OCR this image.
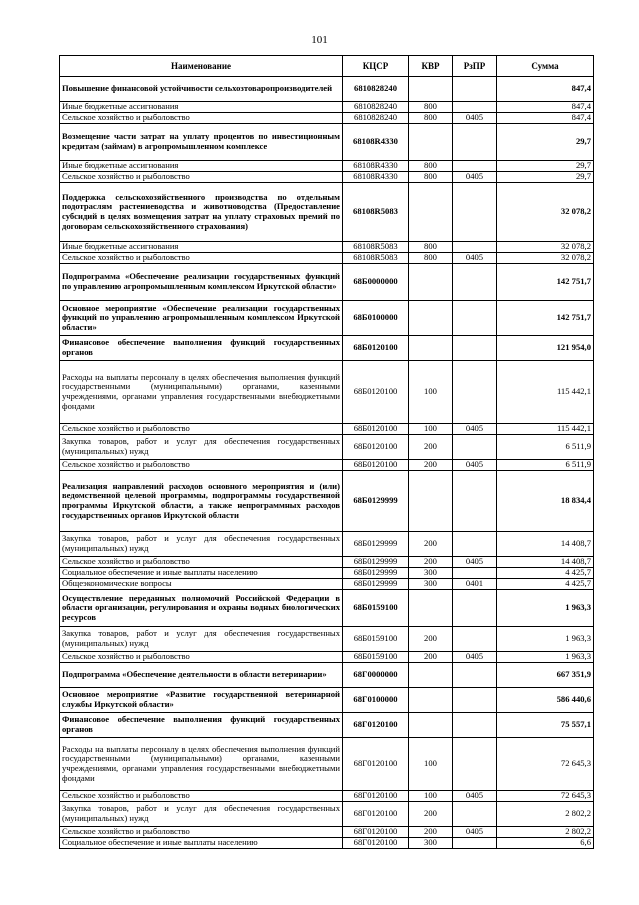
101
Наименование	КЦСР	КВР	РзПР	Сумма
Повышение финансовой устойчивости сельхозтоваропроизводителей	6810828240			847,4
Иные бюджетные ассигнования	6810828240	800		847,4
Сельское хозяйство и рыболовство	6810828240	800	0405	847,4
Возмещение части затрат на уплату процентов по инвестиционным кредитам (займам) в агропромышленном комплексе	68108R4330			29,7
Иные бюджетные ассигнования	68108R4330	800		29,7
Сельское хозяйство и рыболовство	68108R4330	800	0405	29,7
Поддержка сельскохозяйственного производства по отдельным подотраслям растениеводства и животноводства (Предоставление субсидий в целях возмещения затрат на уплату страховых премий по договорам сельскохозяйственного страхования)	68108R5083			32 078,2
Иные бюджетные ассигнования	68108R5083	800		32 078,2
Сельское хозяйство и рыболовство	68108R5083	800	0405	32 078,2
Подпрограмма «Обеспечение реализации государственных функций по управлению агропромышленным комплексом Иркутской области»	68Б0000000			142 751,7
Основное мероприятие «Обеспечение реализации государственных функций по управлению агропромышленным комплексом Иркутской области»	68Б0100000			142 751,7
Финансовое обеспечение выполнения функций государственных органов	68Б0120100			121 954,0
Расходы на выплаты персоналу в целях обеспечения выполнения функций государственными (муниципальными) органами, казенными учреждениями, органами управления государственными внебюджетными фондами	68Б0120100	100		115 442,1
Сельское хозяйство и рыболовство	68Б0120100	100	0405	115 442,1
Закупка товаров, работ и услуг для обеспечения государственных (муниципальных) нужд	68Б0120100	200		6 511,9
Сельское хозяйство и рыболовство	68Б0120100	200	0405	6 511,9
Реализация направлений расходов основного мероприятия и (или) ведомственной целевой программы, подпрограммы государственной программы Иркутской области, а также непрограммных расходов государственных органов Иркутской области	68Б0129999			18 834,4
Закупка товаров, работ и услуг для обеспечения государственных (муниципальных) нужд	68Б0129999	200		14 408,7
Сельское хозяйство и рыболовство	68Б0129999	200	0405	14 408,7
Социальное обеспечение и иные выплаты населению	68Б0129999	300		4 425,7
Общеэкономические вопросы	68Б0129999	300	0401	4 425,7
Осуществление переданных полномочий Российской Федерации в области организации, регулирования и охраны водных биологических ресурсов	68Б0159100			1 963,3
Закупка товаров, работ и услуг для обеспечения государственных (муниципальных) нужд	68Б0159100	200		1 963,3
Сельское хозяйство и рыболовство	68Б0159100	200	0405	1 963,3
Подпрограмма «Обеспечение деятельности в области ветеринарии»	68Г0000000			667 351,9
Основное мероприятие «Развитие государственной ветеринарной службы Иркутской области»	68Г0100000			586 440,6
Финансовое обеспечение выполнения функций государственных органов	68Г0120100			75 557,1
Расходы на выплаты персоналу в целях обеспечения выполнения функций государственными (муниципальными) органами, казенными учреждениями, органами управления государственными внебюджетными фондами	68Г0120100	100		72 645,3
Сельское хозяйство и рыболовство	68Г0120100	100	0405	72 645,3
Закупка товаров, работ и услуг для обеспечения государственных (муниципальных) нужд	68Г0120100	200		2 802,2
Сельское хозяйство и рыболовство	68Г0120100	200	0405	2 802,2
Социальное обеспечение и иные выплаты населению	68Г0120100	300		6,6
